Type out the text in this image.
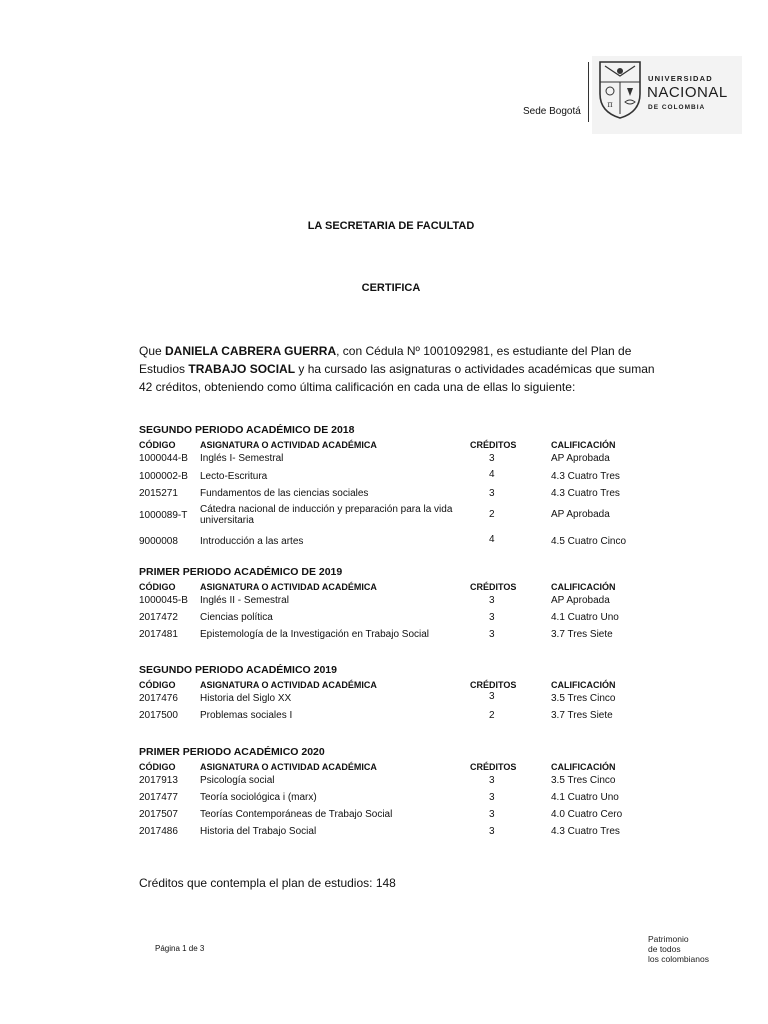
Sede Bogotá
π
UNIVERSIDAD
NACIONAL
DE COLOMBIA
LA SECRETARIA DE FACULTAD
CERTIFICA
Que DANIELA CABRERA GUERRA, con Cédula Nº 1001092981, es estudiante del Plan de Estudios TRABAJO SOCIAL y ha cursado las asignaturas o actividades académicas que suman 42 créditos, obteniendo como última calificación en cada una de ellas lo siguiente:
SEGUNDO PERIODO ACADÉMICO DE 2018
CÓDIGO	ASIGNATURA O ACTIVIDAD ACADÉMICA	CRÉDITOS	CALIFICACIÓN
1000044-B Inglés I- Semestral	3	AP Aprobada
1000002-B Lecto-Escritura	4	4.3 Cuatro Tres
2015271 Fundamentos de las ciencias sociales	3	4.3 Cuatro Tres
1000089-T
Cátedra nacional de inducción y preparación para la vida universitaria
2	AP Aprobada
9000008 Introducción a las artes	4	4.5 Cuatro Cinco
PRIMER PERIODO ACADÉMICO DE 2019
CÓDIGO	ASIGNATURA O ACTIVIDAD ACADÉMICA	CRÉDITOS	CALIFICACIÓN
1000045-B Inglés II - Semestral	3	AP Aprobada
2017472 Ciencias política	3	4.1 Cuatro Uno
2017481 Epistemología de la Investigación en Trabajo Social	3	3.7 Tres Siete
SEGUNDO PERIODO ACADÉMICO 2019
CÓDIGO	ASIGNATURA O ACTIVIDAD ACADÉMICA	CRÉDITOS	CALIFICACIÓN
2017476 Historia del Siglo XX	3	3.5 Tres Cinco
2017500 Problemas sociales I	2	3.7 Tres Siete
PRIMER PERIODO ACADÉMICO 2020
CÓDIGO	ASIGNATURA O ACTIVIDAD ACADÉMICA	CRÉDITOS	CALIFICACIÓN
2017913 Psicología social	3	3.5 Tres Cinco
2017477 Teoría sociológica i (marx)	3	4.1 Cuatro Uno
2017507 Teorías Contemporáneas de Trabajo Social	3	4.0 Cuatro Cero
2017486 Historia del Trabajo Social	3	4.3 Cuatro Tres
Créditos que contempla el plan de estudios: 148
Página 1 de 3
Patrimonio
de todos
los colombianos
